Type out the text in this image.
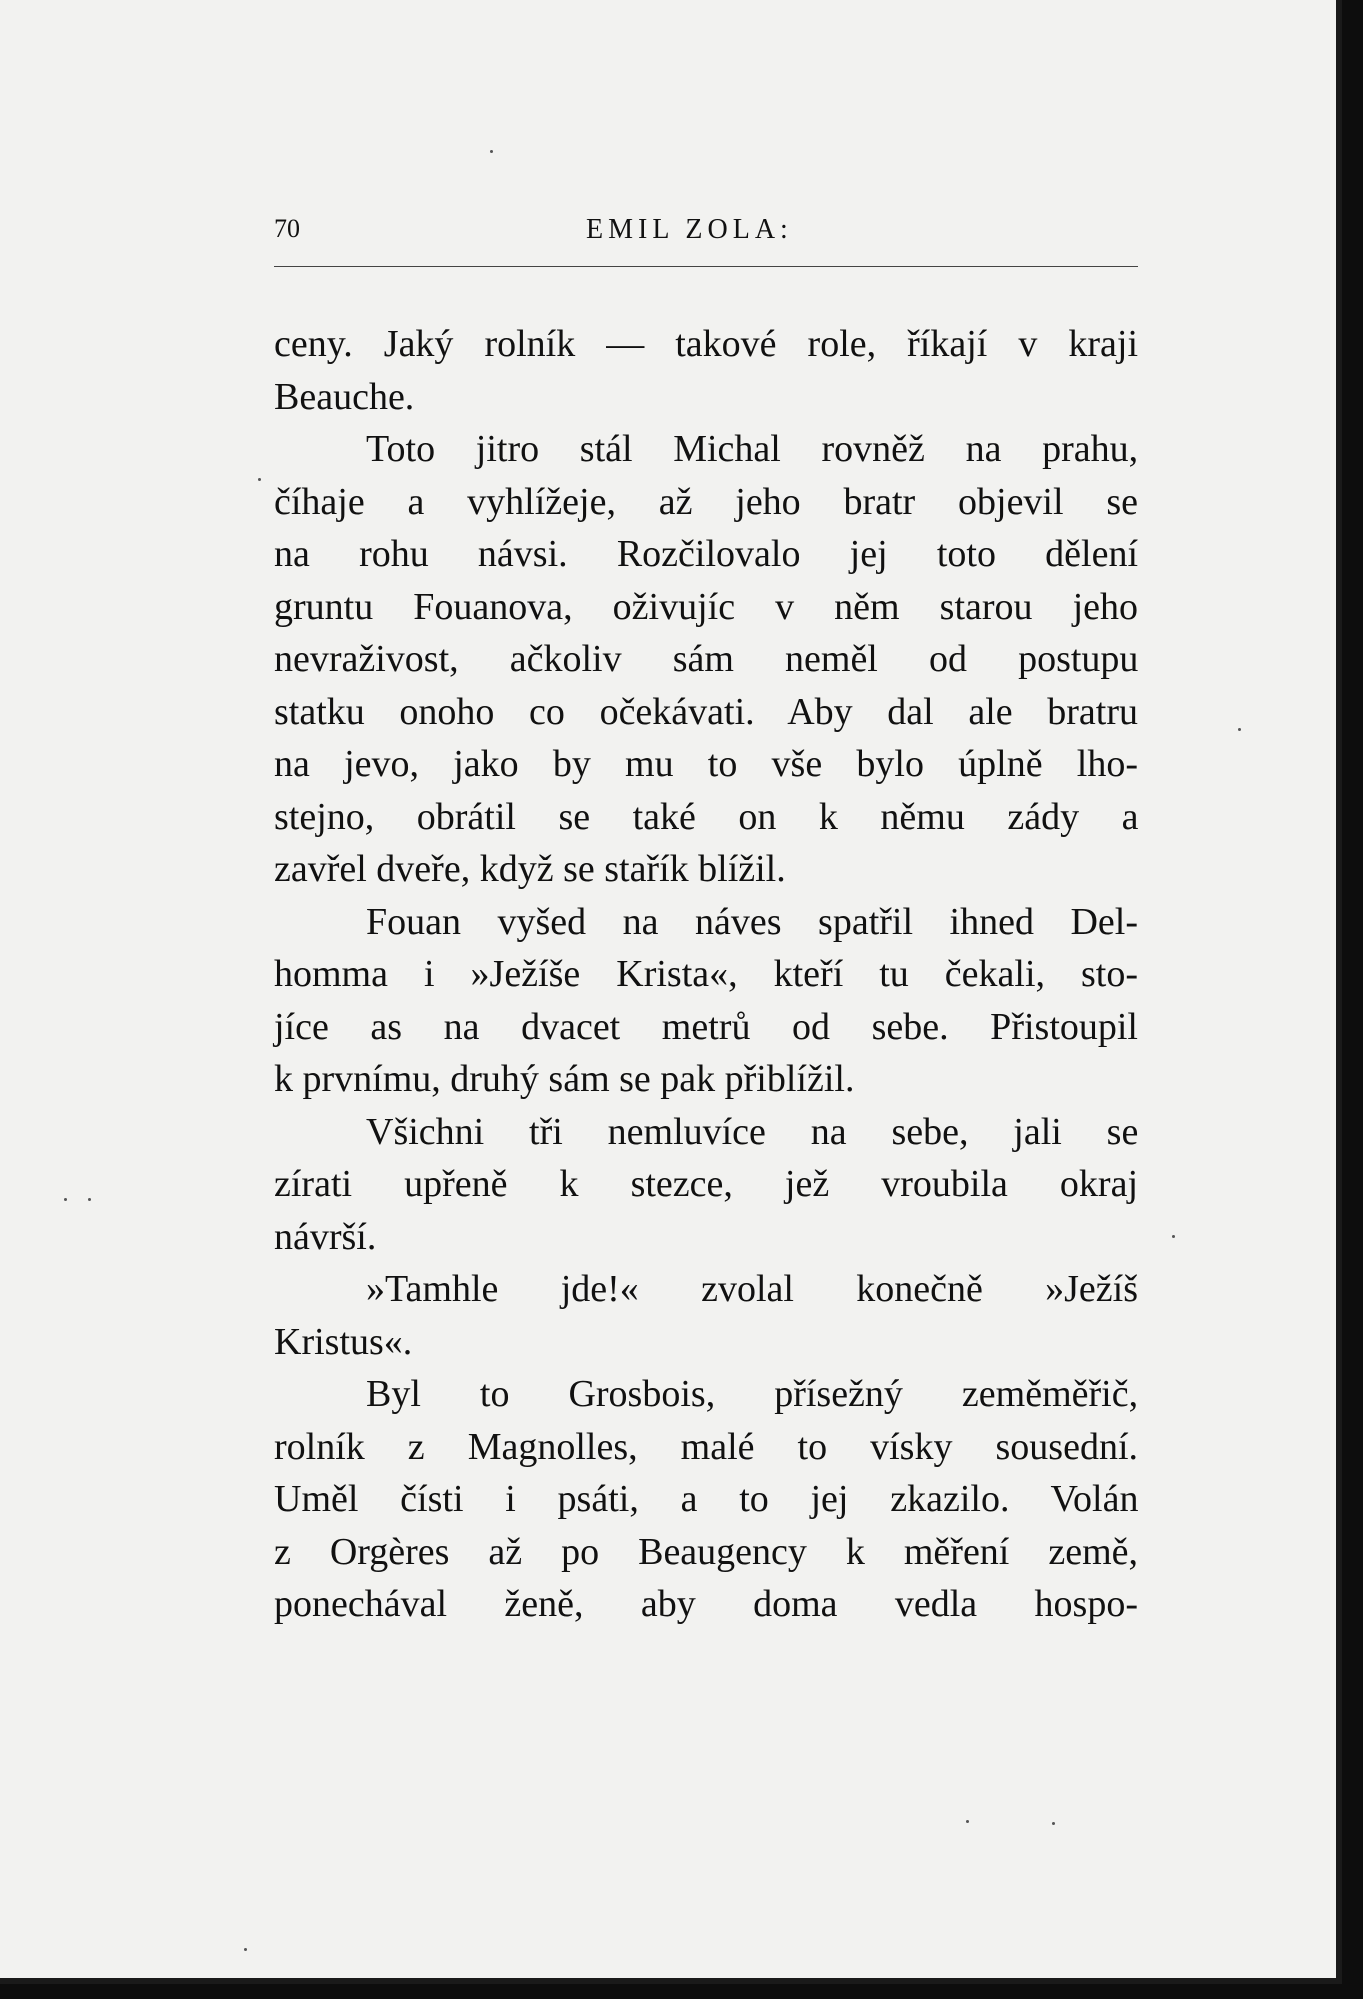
70	EMIL ZOLA:

ceny. Jaký rolník — takové role, říkají v kraji
Beauche.

Toto jitro stál Michal rovněž na prahu,
číhaje a vyhlížeje, až jeho bratr objevil se
na rohu návsi. Rozčilovalo jej toto dělení
gruntu Fouanova, oživujíc v něm starou jeho
nevraživost, ačkoliv sám neměl od postupu
statku onoho co očekávati. Aby dal ale bratru
na jevo, jako by mu to vše bylo úplně lho-
stejno, obrátil se také on k němu zády a
zavřel dveře, když se stařík blížil.

Fouan vyšed na náves spatřil ihned Del-
homma i »Ježíše Krista«, kteří tu čekali, sto-
jíce as na dvacet metrů od sebe. Přistoupil
k prvnímu, druhý sám se pak přiblížil.

Všichni tři nemluvíce na sebe, jali se
zírati upřeně k stezce, jež vroubila okraj
návrší.

»Tamhle jde!« zvolal konečně »Ježíš
Kristus«.

Byl to Grosbois, přísežný zeměměřič,
rolník z Magnolles, malé to vísky sousední.
Uměl čísti i psáti, a to jej zkazilo. Volán
z Orgères až po Beaugency k měření země,
ponechával ženě, aby doma vedla hospo-
